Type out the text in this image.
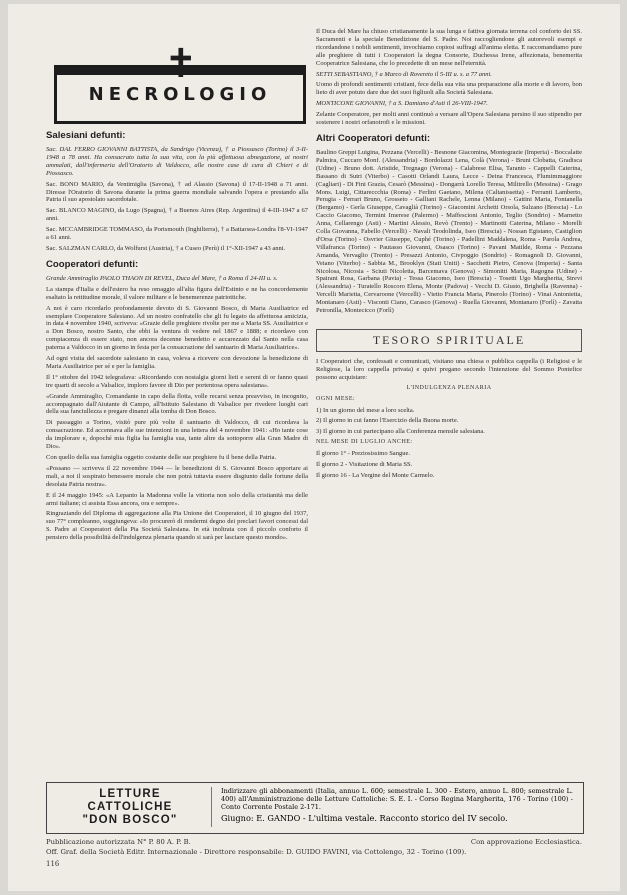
✝
NECROLOGIO
Salesiani defunti:

Sac. DAL FERRO GIOVANNI BATTISTA, da Sandrigo (Vicenza), † a Piossasco (Torino) il 3-II-1948 a 78 anni. Ha consacrato tutta la sua vita, con la più affettuosa abnegazione, ai nostri ammalati, dall'infermeria dell'Oratorio di Valdocco, alle nostre case di cura di Chieri e di Piossasco.

Sac. BONO MARIO, da Ventimiglia (Savona), † ad Alassio (Savona) il 17-II-1948 a 71 anni. Diresse l'Oratorio di Savona durante la prima guerra mondiale salvando l'opera e prestando alla Patria il suo apostolato sacerdotale.

Sac. BLANCO MAGINO, da Lugo (Spagna), † a Buenos Aires (Rep. Argentina) il 4-III-1947 a 67 anni.

Sac. MCCAMBRIDGE TOMMASO, da Portsmouth (Inghilterra), † a Battarsea-Londra l'8-VI-1947 a 61 anni.

Sac. SALZMAN CARLO, da Wolfurst (Austria), † a Cuseo (Perù) il 1°-XII-1947 a 43 anni.

Cooperatori defunti:

Grande Ammiraglio PAOLO THAON DI REVEL, Duca del Mare, † a Roma il 24-III u. s.

La stampa d'Italia e dell'estero ha reso omaggio all'alta figura dell'Estinto e ne ha concordemente esaltato la rettitudine morale, il valore militare e le benemerenze patriottiche.

A noi è caro ricordarlo profondamente devoto di S. Giovanni Bosco, di Maria Ausiliatrice ed esemplare Cooperatore Salesiano. Ad un nostro confratello che gli fu legato da affettuosa amicizia, in data 4 novembre 1940, scriveva: «Grazie delle preghiere rivolte per me a Maria SS. Ausiliatrice e a Don Bosco, nostro Santo, che ebbi la ventura di vedere nel 1867 e 1888; e ricordavo con compiacenza di essere stato, non ancora decenne benedetto e accarezzato dal Santo nella casa paterna a Valdocco in un giorno in festa per la consacrazione del santuario di Maria Ausiliatrice».

Ad ogni visita del sacerdote salesiano in casa, voleva a ricevere con devozione la benedizione di Maria Ausiliatrice per sé e per la famiglia.

Il 1° ottobre del 1942 telegrafava: «Ricordando con nostalgia giorni lieti e sereni di or fanno quasi tre quarti di secolo a Valsalice, imploro favore di Dio per portentosa opera salesiana».

«Grande Ammiraglio, Comandante in capo della flotta, volle recarsi senza preavviso, in incognito, accompagnato dall'Aiutante di Campo, all'Istituto Salesiano di Valsalice per rivedere luoghi cari della sua fanciullezza e pregare dinanzi alla tomba di Don Bosco.

Di passaggio a Torino, visitò pure più volte il santuario di Valdocco, di cui ricordava la consacrazione. Ed accennava alle sue intenzioni in una lettera del 4 novembre 1941: «Ho tante cose da implorare e, dopoché mia figlia ha famiglia sua, tante altre da sottoporre alla Gran Madre di Dio».

Con quello della sua famiglia oggetto costante delle sue preghiere fu il bene della Patria.

«Possano — scriveva il 22 novembre 1944 — le benedizioni di S. Giovanni Bosco apportare ai mali, a noi il sospirato benessere morale che non potrà tuttavia essere disgiunto dalle fortune della desolata Patria nostra».

E il 24 maggio 1945: «A Lepanto la Madonna volle la vittoria non solo della cristianità ma delle armi italiane; ci assista Essa ancora, ora e sempre».

Ringraziando del Diploma di aggregazione alla Pia Unione dei Cooperatori, il 10 giugno del 1937, suo 77° compleanno, soggiungeva: «Io procurerò di rendermi degno dei preclari favori concessi dal S. Padre ai Cooperatori della Pia Società Salesiana. In età inoltrata con il piccolo conforto il pensiero della possibilità dell'indulgenza plenaria quando si sarà per lasciare questo mondo».

Il Duca del Mare ha chiuso cristianamente la sua lunga e fattiva giornata terrena col conforto dei SS. Sacramenti e la speciale Benedizione del S. Padre. Noi raccogliendone gli autorevoli esempi e ricordandone i nobili sentimenti, invochiamo copiosi suffragi all'anima eletta. E raccomandiamo pure alle preghiere di tutti i Cooperatori la degna Consorte, Duchessa Irene, affezionata, benemerita Cooperatrice Salesiana, che lo precedette di un mese nell'eternità.

SETTI SEBASTIANO, † a Marco di Rovereto il 5-III u. s. a 77 anni.

Uomo di profondi sentimenti cristiani, fece della sua vita una preparazione alla morte e di lavoro, bon lieto di aver potuto dare due dei suoi figliuoli alla Società Salesiana.

MONTICONE GIOVANNI, † a S. Damiano d'Asti il 26-VIII-1947.

Zelante Cooperatore, per molti anni continuò a versare all'Opera Salesiana persino il suo stipendio per sostenere i nostri orfanotrofi e le missioni.

Altri Cooperatori defunti:

Baulino Greppi Luigina, Pezzana (Vercelli) - Besnone Giacomina, Montegrazie (Imperia) - Boccalatte Palmira, Cuccaro Monf. (Alessandria) - Bordolazzi Lena, Colà (Verona) - Bruni Clobatta, Gradisca (Udine) - Bruno dott. Aristide, Tregnago (Verona) - Calabrese Elisa, Taranto - Cappelli Caterina, Bassano di Sutri (Viterbo) - Casotti Orlandi Laura, Lecce - Deina Francesca, Flumimmaggiore (Cagliari) - Di Fini Grazia, Cesarò (Messina) - Dongarrà Lorello Teresa, Militrello (Messina) - Grago Mons. Luigi, Cittareccchia (Roma) - Ferlini Gaetano, Milena (Caltanissetta) - Ferranti Lamberto, Perugia - Ferrari Bruno, Grosseto - Galliani Rachele, Lenna (Milano) - Gattini Maria, Fontanella (Bergamo) - Gerla Giuseppe, Cavaglià (Torino) - Giacomini Archetti Orsola, Sulzano (Brescia) - Lo Caccio Giacomo, Termini Imerese (Palermo) - Maffescioni Antonio, Teglio (Sondrio) - Marnetto Anna, Cellarengo (Asti) - Martini Alessio, Revò (Trento) - Martinotti Caterina, Milano - Morelli Colla Giovanna, Fabello (Vercelli) - Navali Teodolinda, Iseo (Brescia) - Nossan Egistano, Castiglion d'Orsa (Torino) - Osvrier Giuseppe, Cuphé (Torino) - Padellini Maddalena, Roma - Parola Andrea, Villafranca (Torino) - Pautasso Giovanni, Osasco (Torino) - Pavani Matilde, Roma - Pezzana Amanda, Vervaglio (Trento) - Presazzi Antonio, Civpoggio (Sondrio) - Romagnoli D. Giovanni, Veiano (Viterbo) - Sabbia M., Brooklyn (Stati Uniti) - Sacchetti Pietro, Cenova (Imperia) - Santa Nicolosa, Nicosia - Sciuti Nicoletta, Barcemava (Genova) - Simonitti Maria, Ragogna (Udine) - Spairani Rosa, Garbana (Pavia) - Tessa Giacomo, Iseo (Brescia) - Tosetti Ugo Margherita, Strevi (Alessandria) - Turatello Roscoro Elena, Monte (Padova) - Vecchi D. Giusto, Brighella (Ravenna) - Vercelli Marietta, Cervaroone (Vercelli) - Vietto Francia Maria, Pinerolo (Torino) - Vinai Antonietta, Montanaro (Asti) - Visconti Ciano, Carasco (Genova) - Ruella Giovanni, Montanaro (Forlì) - Zavatta Petronilla, Montecicco (Forlì)

TESORO SPIRITUALE

I Cooperatori che, confessati e comunicati, visitano una chiesa o pubblica cappella (i Religiosi e le Religiose, la loro cappella privata) e quivi pregano secondo l'intenzione del Sommo Pontefice possono acquistare:

L'INDULGENZA PLENARIA

OGNI MESE:

1) In un giorno del mese a loro scelta.

2) Il giorno in cui fanno l'Esercizio della Buona morte.

3) Il giorno in cui partecipano alla Conferenza mensile salesiana.

NEL MESE DI LUGLIO ANCHE:

Il giorno 1° - Preziosissimo Sangue.

Il giorno 2 - Visitazione di Maria SS.

Il giorno 16 - La Vergine del Monte Carmelo.

LETTURE
CATTOLICHE
"DON BOSCO"
Indirizzare gli abbonamenti (Italia, annuo L. 600; semestrale L. 300 - Estero, annuo L. 800; semestrale L. 400) all'Amministrazione delle Letture Cattoliche: S. E. I. - Corso Regina Margherita, 176 - Torino (100) - Conto Corrente Postale 2-171.
Giugno: E. GANDO - L'ultima vestale. Racconto storico del IV secolo.
Pubblicazione autorizzata N° P. 80 A. P. B.	Con approvazione Ecclesiastica.
Off. Graf. della Società Editr. Internazionale - Direttore responsabile: D. GUIDO FAVINI, via Cottolengo, 32 - Torino (109).
116
